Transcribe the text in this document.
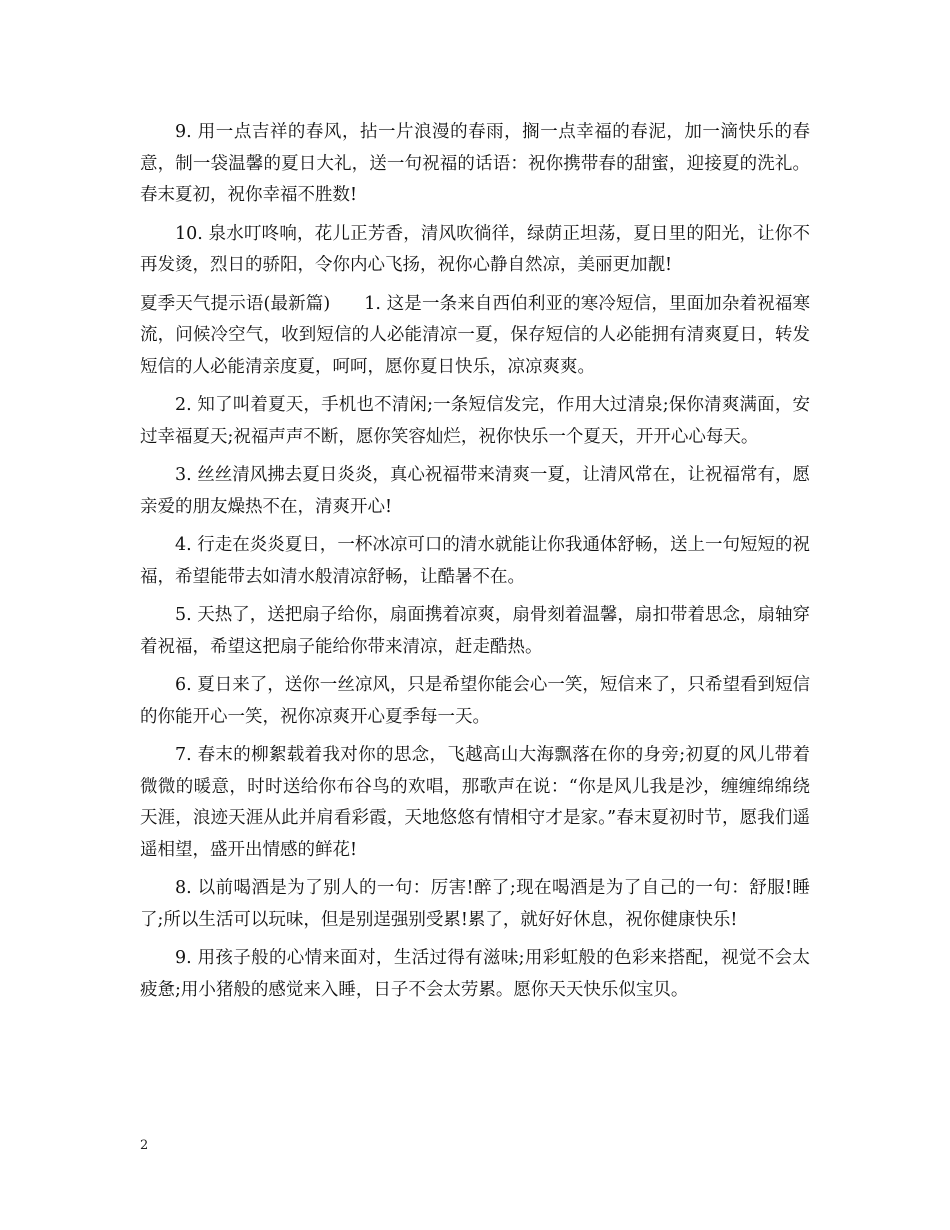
9. 用一点吉祥的春风，拈一片浪漫的春雨，搁一点幸福的春泥，加一滴快乐的春意，制一袋温馨的夏日大礼，送一句祝福的话语：祝你携带春的甜蜜，迎接夏的洗礼。春末夏初，祝你幸福不胜数!

10. 泉水叮咚响，花儿正芳香，清风吹徜徉，绿荫正坦荡，夏日里的阳光，让你不再发烫，烈日的骄阳，令你内心飞扬，祝你心静自然凉，美丽更加靓!

夏季天气提示语(最新篇) 1. 这是一条来自西伯利亚的寒冷短信，里面加杂着祝福寒流，问候冷空气，收到短信的人必能清凉一夏，保存短信的人必能拥有清爽夏日，转发短信的人必能清亲度夏，呵呵，愿你夏日快乐，凉凉爽爽。

2. 知了叫着夏天，手机也不清闲;一条短信发完，作用大过清泉;保你清爽满面，安过幸福夏天;祝福声声不断，愿你笑容灿烂，祝你快乐一个夏天，开开心心每天。

3. 丝丝清风拂去夏日炎炎，真心祝福带来清爽一夏，让清风常在，让祝福常有，愿亲爱的朋友燥热不在，清爽开心!

4. 行走在炎炎夏日，一杯冰凉可口的清水就能让你我通体舒畅，送上一句短短的祝福，希望能带去如清水般清凉舒畅，让酷暑不在。

5. 天热了，送把扇子给你，扇面携着凉爽，扇骨刻着温馨，扇扣带着思念，扇轴穿着祝福，希望这把扇子能给你带来清凉，赶走酷热。

6. 夏日来了，送你一丝凉风，只是希望你能会心一笑，短信来了，只希望看到短信的你能开心一笑，祝你凉爽开心夏季每一天。

7. 春末的柳絮载着我对你的思念，飞越高山大海飘落在你的身旁;初夏的风儿带着微微的暖意，时时送给你布谷鸟的欢唱，那歌声在说：“你是风儿我是沙，缠缠绵绵绕天涯，浪迹天涯从此并肩看彩霞，天地悠悠有情相守才是家。”春末夏初时节，愿我们遥遥相望，盛开出情感的鲜花!

8. 以前喝酒是为了别人的一句：厉害!醉了;现在喝酒是为了自己的一句：舒服!睡了;所以生活可以玩味，但是别逞强别受累!累了，就好好休息，祝你健康快乐!

9. 用孩子般的心情来面对，生活过得有滋味;用彩虹般的色彩来搭配，视觉不会太疲惫;用小猪般的感觉来入睡，日子不会太劳累。愿你天天快乐似宝贝。

2
